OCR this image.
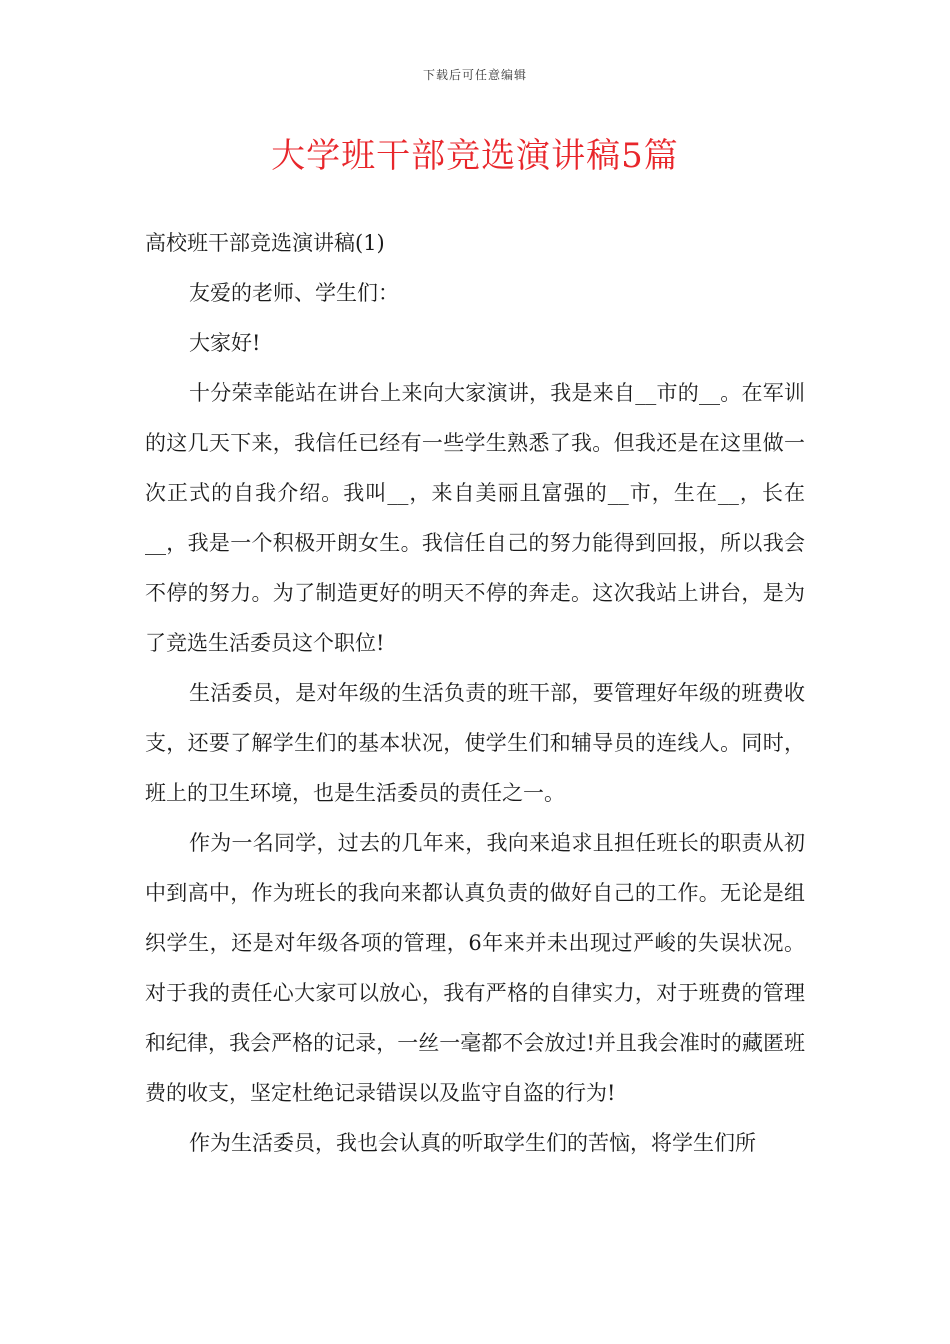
下载后可任意编辑
大学班干部竞选演讲稿5篇

高校班干部竞选演讲稿(1)

友爱的老师、学生们：

大家好!

十分荣幸能站在讲台上来向大家演讲，我是来自__市的__。在军训的这几天下来，我信任已经有一些学生熟悉了我。但我还是在这里做一次正式的自我介绍。我叫__，来自美丽且富强的__市，生在__，长在__，我是一个积极开朗女生。我信任自己的努力能得到回报，所以我会不停的努力。为了制造更好的明天不停的奔走。这次我站上讲台，是为了竞选生活委员这个职位!

生活委员，是对年级的生活负责的班干部，要管理好年级的班费收支，还要了解学生们的基本状况，使学生们和辅导员的连线人。同时，班上的卫生环境，也是生活委员的责任之一。

作为一名同学，过去的几年来，我向来追求且担任班长的职责从初中到高中，作为班长的我向来都认真负责的做好自己的工作。无论是组织学生，还是对年级各项的管理，6年来并未出现过严峻的失误状况。对于我的责任心大家可以放心，我有严格的自律实力，对于班费的管理和纪律，我会严格的记录，一丝一毫都不会放过!并且我会准时的藏匿班费的收支，坚定杜绝记录错误以及监守自盗的行为!

作为生活委员，我也会认真的听取学生们的苦恼，将学生们所
